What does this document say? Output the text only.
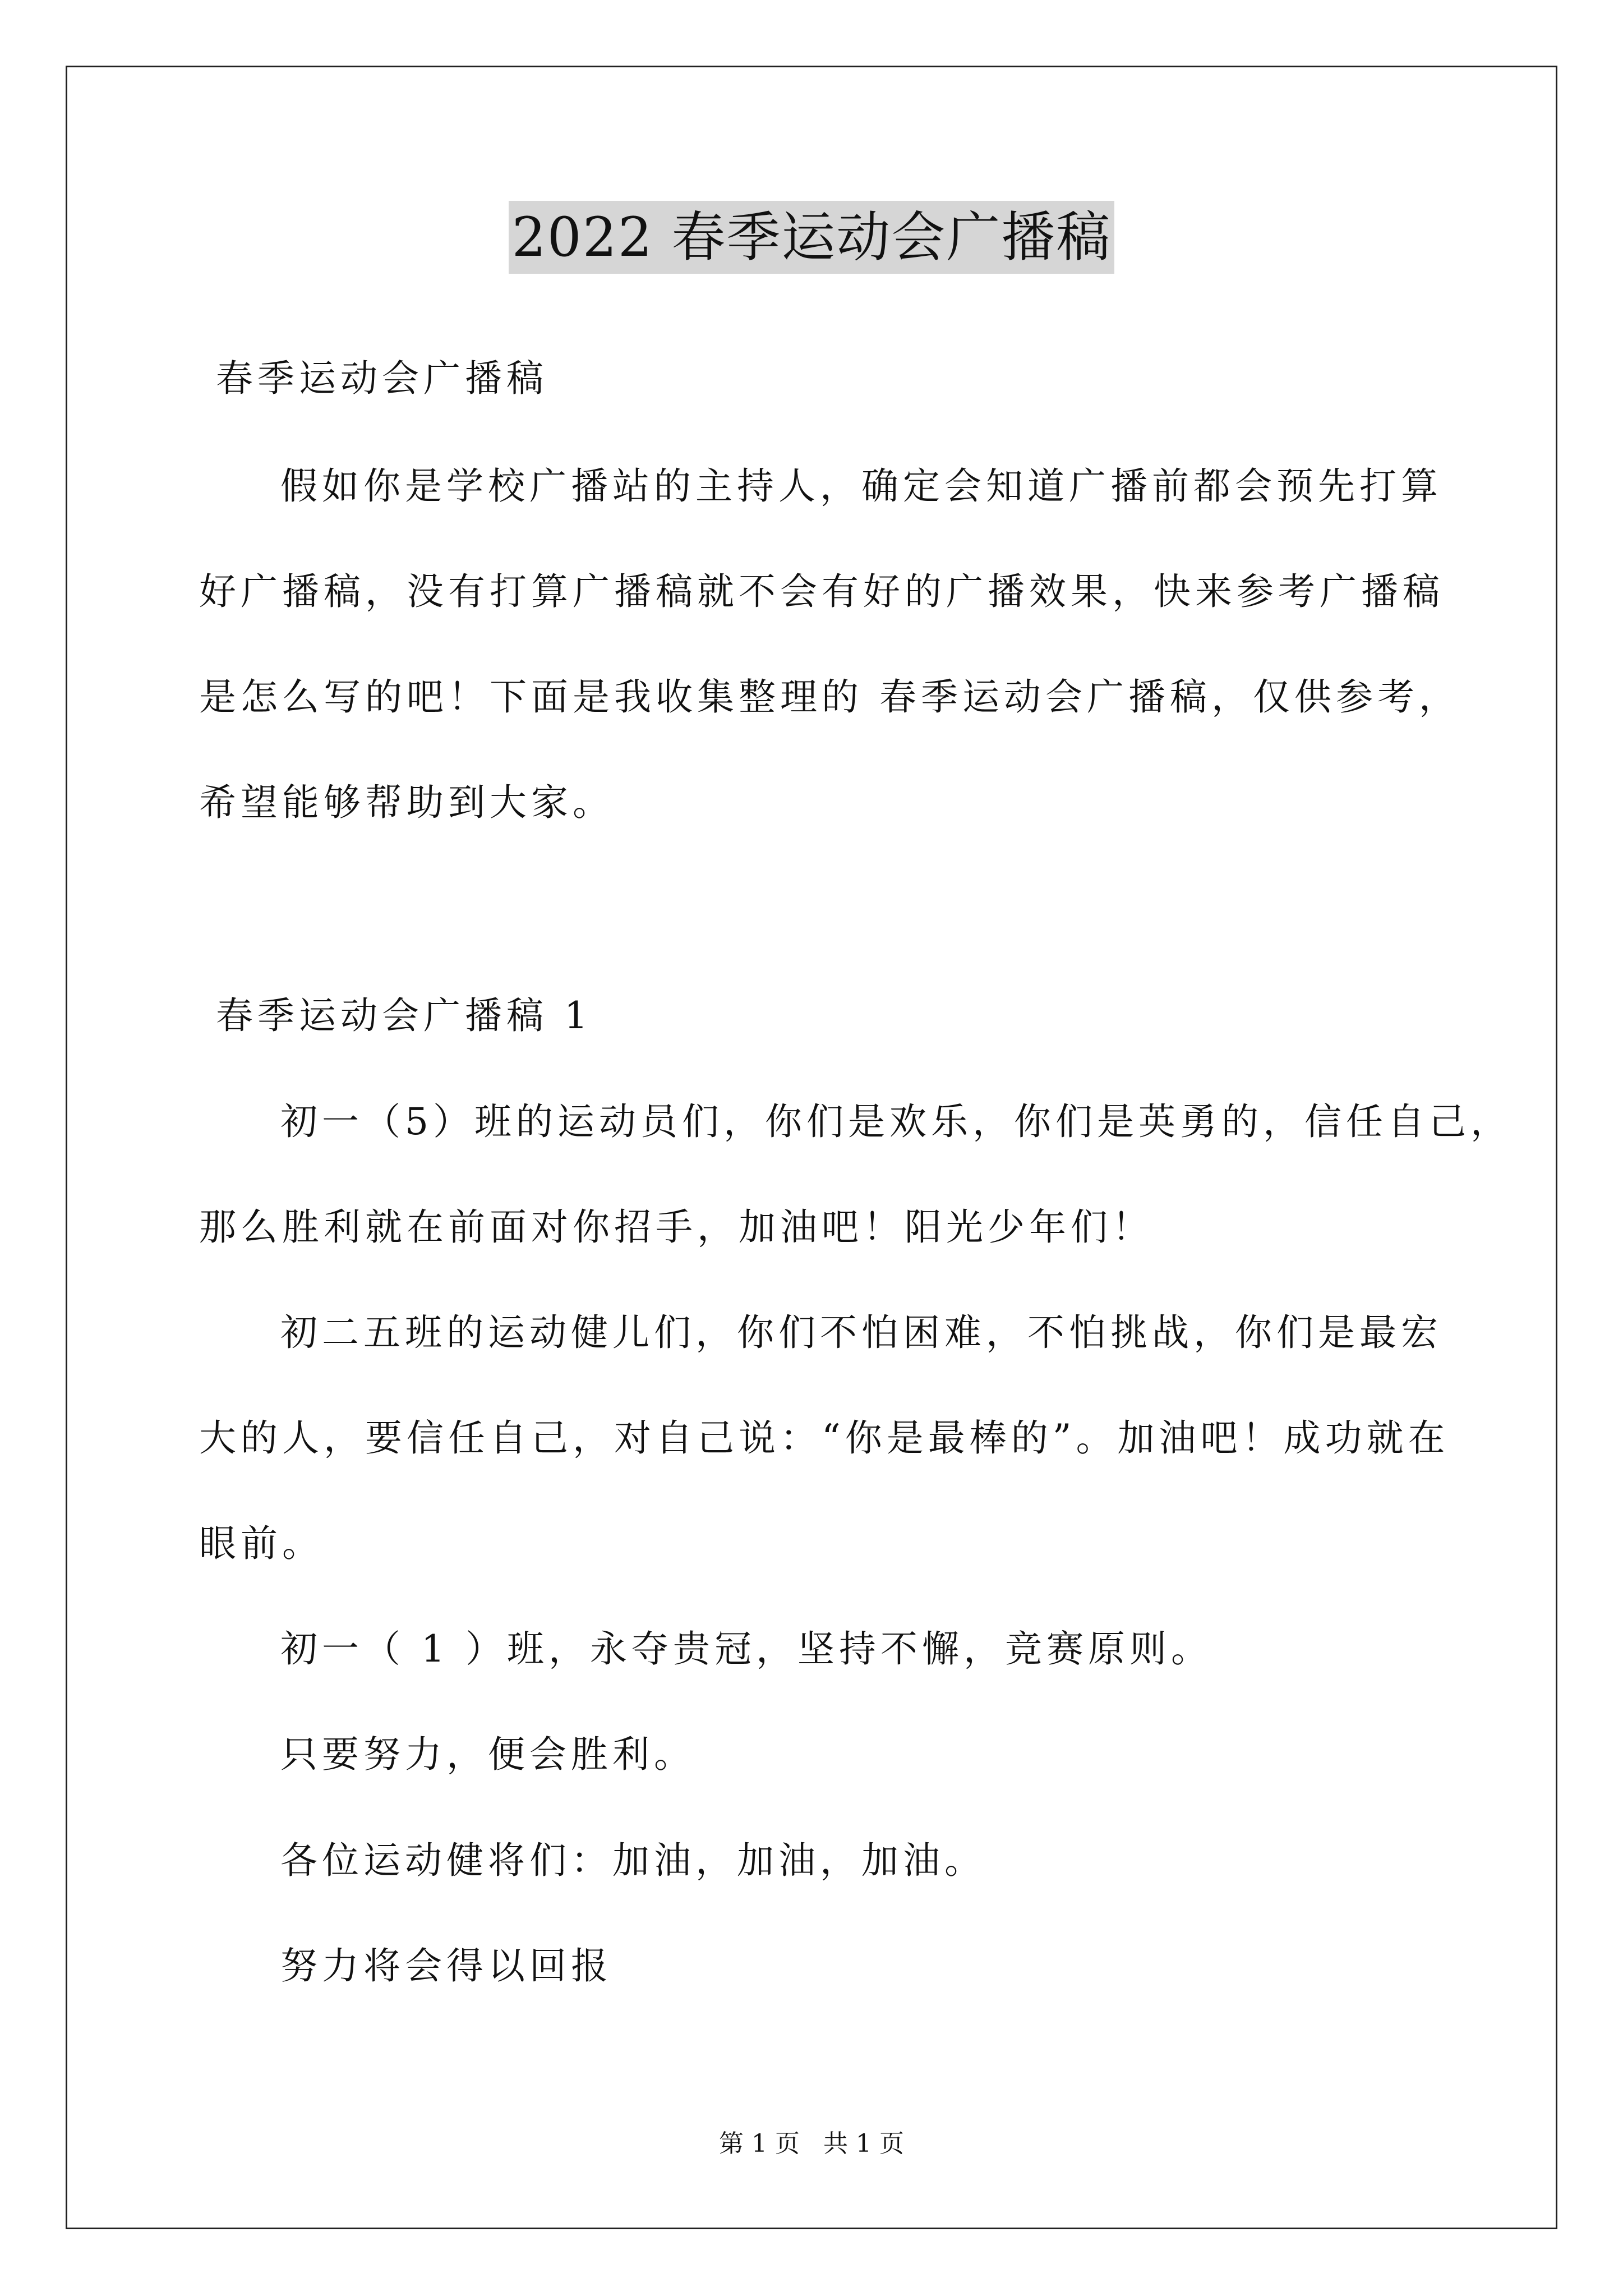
2022 春季运动会广播稿
春季运动会广播稿
假如你是学校广播站的主持人，确定会知道广播前都会预先打算
好广播稿，没有打算广播稿就不会有好的广播效果，快来参考广播稿
是怎么写的吧！下面是我收集整理的 春季运动会广播稿，仅供参考，
希望能够帮助到大家。
春季运动会广播稿 1
初一（5）班的运动员们，你们是欢乐，你们是英勇的，信任自己，
那么胜利就在前面对你招手，加油吧！阳光少年们！
初二五班的运动健儿们，你们不怕困难，不怕挑战，你们是最宏
大的人，要信任自己，对自己说：“你是最棒的”。加油吧！成功就在
眼前。
初一（ 1 ）班，永夺贵冠，坚持不懈，竞赛原则。
只要努力，便会胜利。
各位运动健将们：加油，加油，加油。
努力将会得以回报
第 1 页   共 1 页
